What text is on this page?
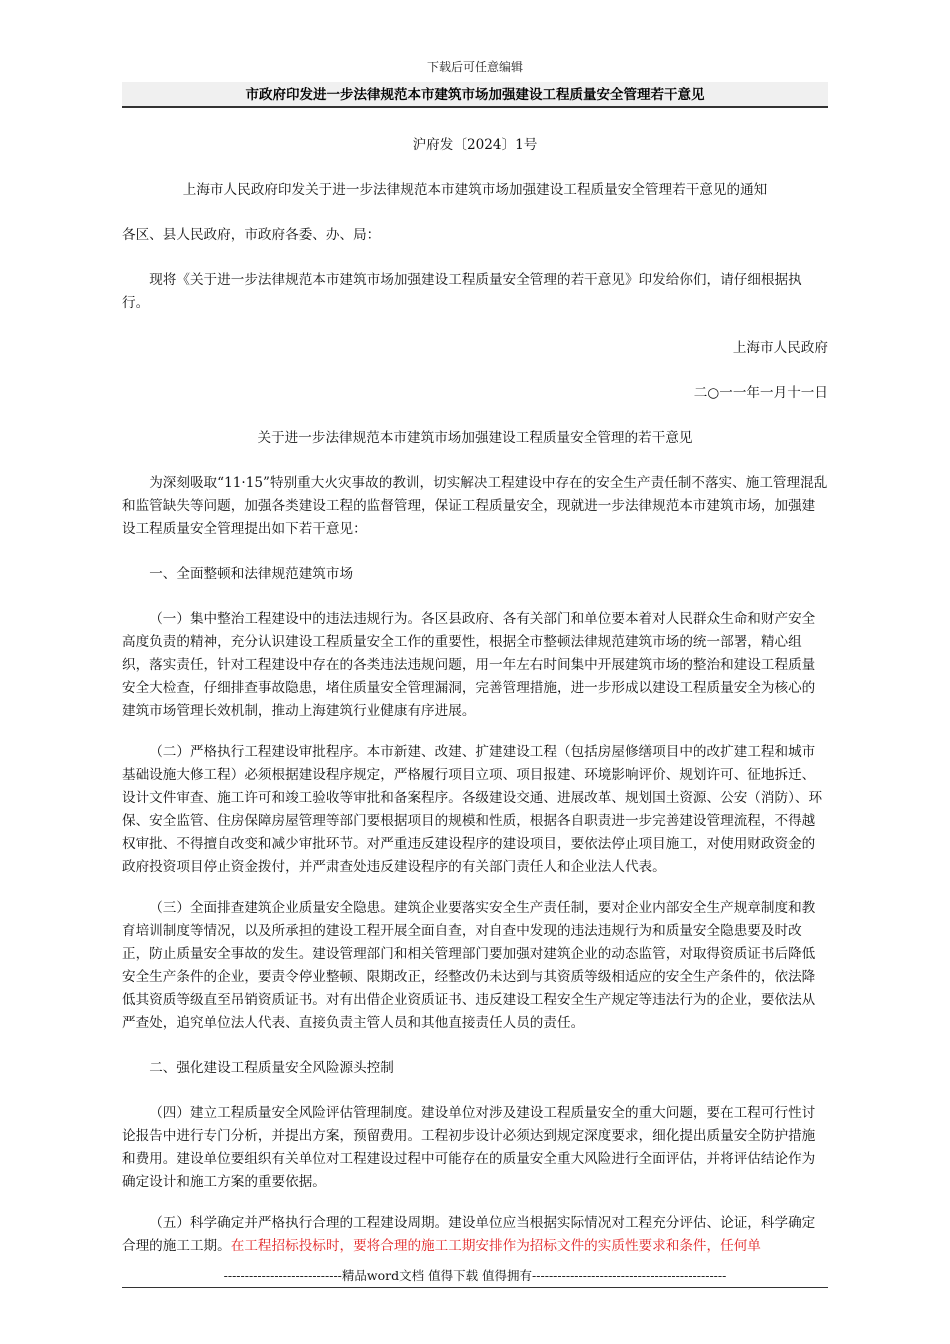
下载后可任意编辑
市政府印发进一步法律规范本市建筑市场加强建设工程质量安全管理若干意见

沪府发〔2024〕1号

上海市人民政府印发关于进一步法律规范本市建筑市场加强建设工程质量安全管理若干意见的通知

各区、县人民政府，市政府各委、办、局：

现将《关于进一步法律规范本市建筑市场加强建设工程质量安全管理的若干意见》印发给你们，请仔细根据执行。

上海市人民政府

二○一一年一月十一日

关于进一步法律规范本市建筑市场加强建设工程质量安全管理的若干意见

为深刻吸取“11·15”特别重大火灾事故的教训，切实解决工程建设中存在的安全生产责任制不落实、施工管理混乱和监管缺失等问题，加强各类建设工程的监督管理，保证工程质量安全，现就进一步法律规范本市建筑市场，加强建设工程质量安全管理提出如下若干意见：

一、全面整顿和法律规范建筑市场

（一）集中整治工程建设中的违法违规行为。各区县政府、各有关部门和单位要本着对人民群众生命和财产安全高度负责的精神，充分认识建设工程质量安全工作的重要性，根据全市整顿法律规范建筑市场的统一部署，精心组织，落实责任，针对工程建设中存在的各类违法违规问题，用一年左右时间集中开展建筑市场的整治和建设工程质量安全大检查，仔细排查事故隐患，堵住质量安全管理漏洞，完善管理措施，进一步形成以建设工程质量安全为核心的建筑市场管理长效机制，推动上海建筑行业健康有序进展。

（二）严格执行工程建设审批程序。本市新建、改建、扩建建设工程（包括房屋修缮项目中的改扩建工程和城市基础设施大修工程）必须根据建设程序规定，严格履行项目立项、项目报建、环境影响评价、规划许可、征地拆迁、设计文件审查、施工许可和竣工验收等审批和备案程序。各级建设交通、进展改革、规划国土资源、公安（消防）、环保、安全监管、住房保障房屋管理等部门要根据项目的规模和性质，根据各自职责进一步完善建设管理流程，不得越权审批、不得擅自改变和减少审批环节。对严重违反建设程序的建设项目，要依法停止项目施工，对使用财政资金的政府投资项目停止资金拨付，并严肃查处违反建设程序的有关部门责任人和企业法人代表。

（三）全面排查建筑企业质量安全隐患。建筑企业要落实安全生产责任制，要对企业内部安全生产规章制度和教育培训制度等情况，以及所承担的建设工程开展全面自查，对自查中发现的违法违规行为和质量安全隐患要及时改正，防止质量安全事故的发生。建设管理部门和相关管理部门要加强对建筑企业的动态监管，对取得资质证书后降低安全生产条件的企业，要责令停业整顿、限期改正，经整改仍未达到与其资质等级相适应的安全生产条件的，依法降低其资质等级直至吊销资质证书。对有出借企业资质证书、违反建设工程安全生产规定等违法行为的企业，要依法从严查处，追究单位法人代表、直接负责主管人员和其他直接责任人员的责任。

二、强化建设工程质量安全风险源头控制

（四）建立工程质量安全风险评估管理制度。建设单位对涉及建设工程质量安全的重大问题，要在工程可行性讨论报告中进行专门分析，并提出方案，预留费用。工程初步设计必须达到规定深度要求，细化提出质量安全防护措施和费用。建设单位要组织有关单位对工程建设过程中可能存在的质量安全重大风险进行全面评估，并将评估结论作为确定设计和施工方案的重要依据。

（五）科学确定并严格执行合理的工程建设周期。建设单位应当根据实际情况对工程充分评估、论证，科学确定合理的施工工期。在工程招标投标时，要将合理的施工工期安排作为招标文件的实质性要求和条件，任何单

----------------------------精品word文档 值得下载 值得拥有----------------------------------------------
